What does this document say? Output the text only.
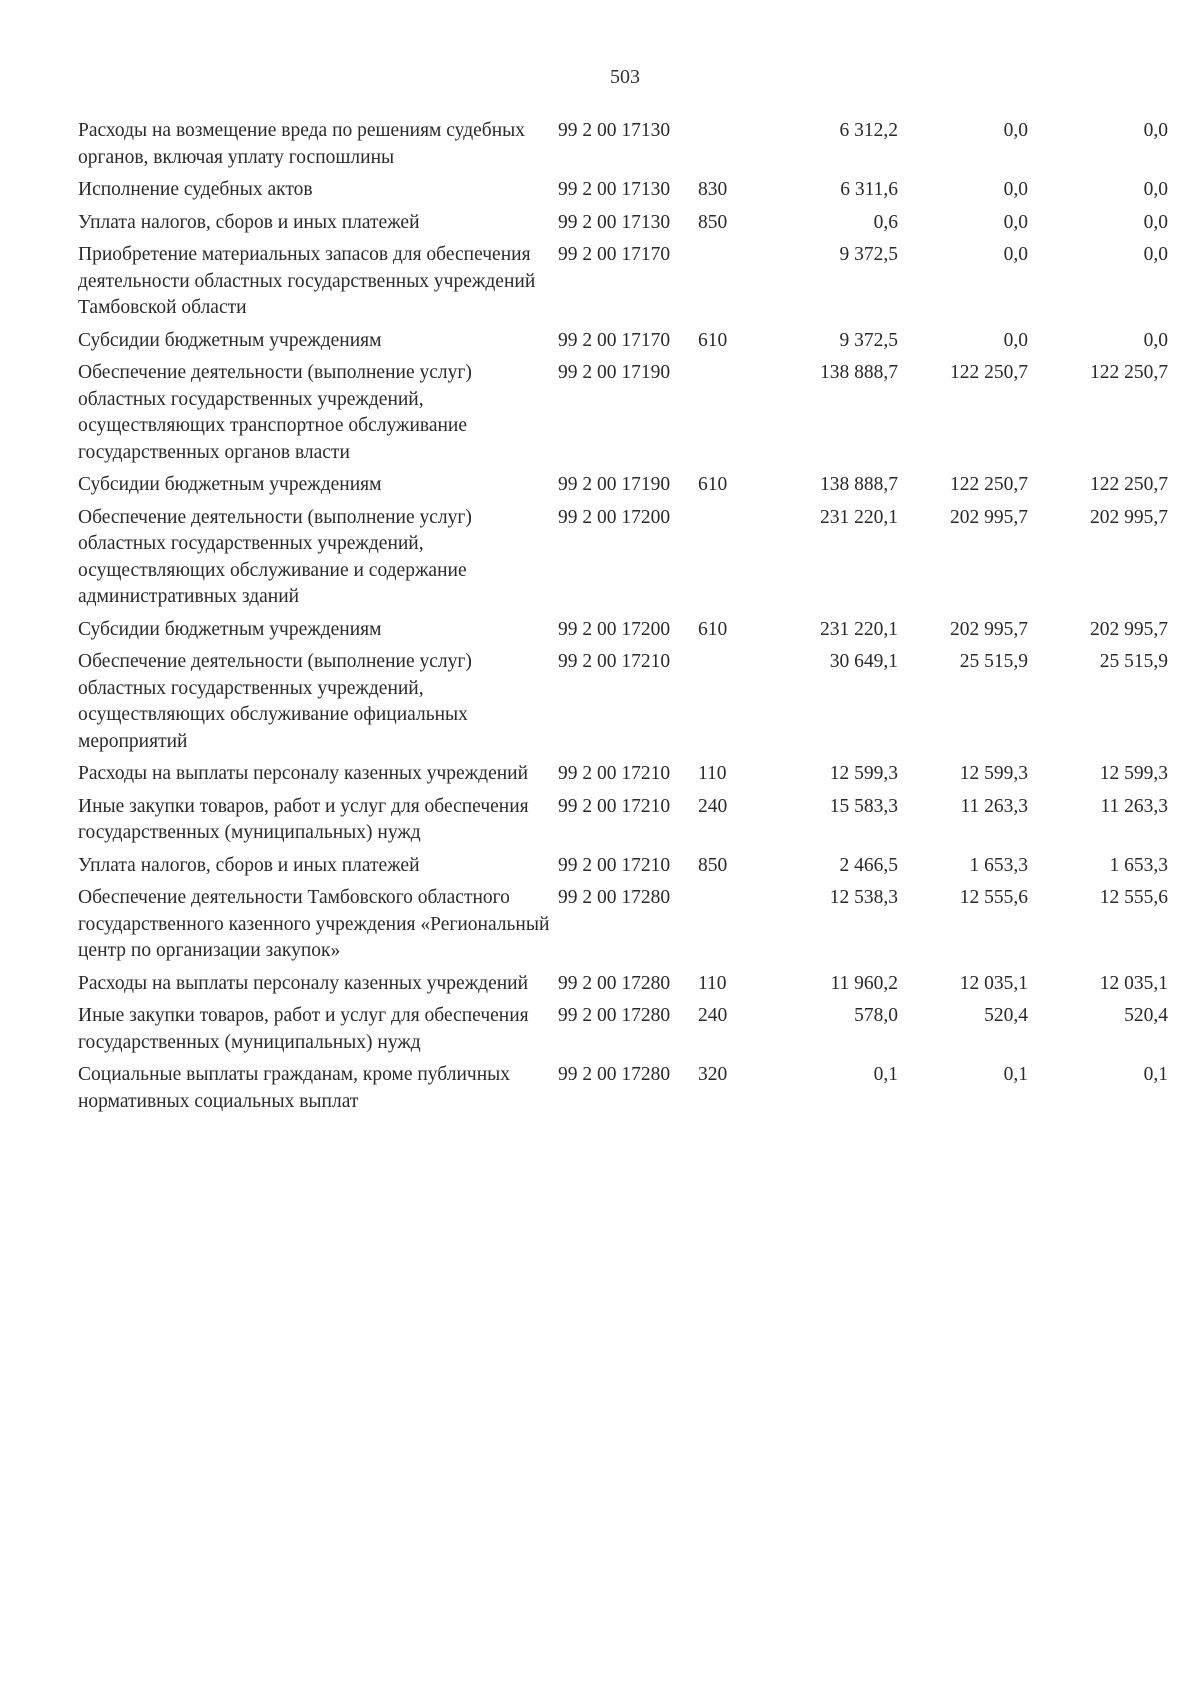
503
Расходы на возмещение вреда по решениям судебных органов, включая уплату госпошлины	99 2 00 17130		6 312,2	0,0	0,0
Исполнение судебных актов	99 2 00 17130	830	6 311,6	0,0	0,0
Уплата налогов, сборов и иных платежей	99 2 00 17130	850	0,6	0,0	0,0
Приобретение материальных запасов для обеспечения деятельности областных государственных учреждений Тамбовской области	99 2 00 17170		9 372,5	0,0	0,0
Субсидии бюджетным учреждениям	99 2 00 17170	610	9 372,5	0,0	0,0
Обеспечение деятельности (выполнение услуг) областных государственных учреждений, осуществляющих транспортное обслуживание государственных органов власти	99 2 00 17190		138 888,7	122 250,7	122 250,7
Субсидии бюджетным учреждениям	99 2 00 17190	610	138 888,7	122 250,7	122 250,7
Обеспечение деятельности (выполнение услуг) областных государственных учреждений, осуществляющих обслуживание и содержание административных зданий	99 2 00 17200		231 220,1	202 995,7	202 995,7
Субсидии бюджетным учреждениям	99 2 00 17200	610	231 220,1	202 995,7	202 995,7
Обеспечение деятельности (выполнение услуг) областных государственных учреждений, осуществляющих обслуживание официальных мероприятий	99 2 00 17210		30 649,1	25 515,9	25 515,9
Расходы на выплаты персоналу казенных учреждений	99 2 00 17210	110	12 599,3	12 599,3	12 599,3
Иные закупки товаров, работ и услуг для обеспечения государственных (муниципальных) нужд	99 2 00 17210	240	15 583,3	11 263,3	11 263,3
Уплата налогов, сборов и иных платежей	99 2 00 17210	850	2 466,5	1 653,3	1 653,3
Обеспечение деятельности Тамбовского областного государственного казенного учреждения «Региональный центр по организации закупок»	99 2 00 17280		12 538,3	12 555,6	12 555,6
Расходы на выплаты персоналу казенных учреждений	99 2 00 17280	110	11 960,2	12 035,1	12 035,1
Иные закупки товаров, работ и услуг для обеспечения государственных (муниципальных) нужд	99 2 00 17280	240	578,0	520,4	520,4
Социальные выплаты гражданам, кроме публичных нормативных социальных выплат	99 2 00 17280	320	0,1	0,1	0,1
